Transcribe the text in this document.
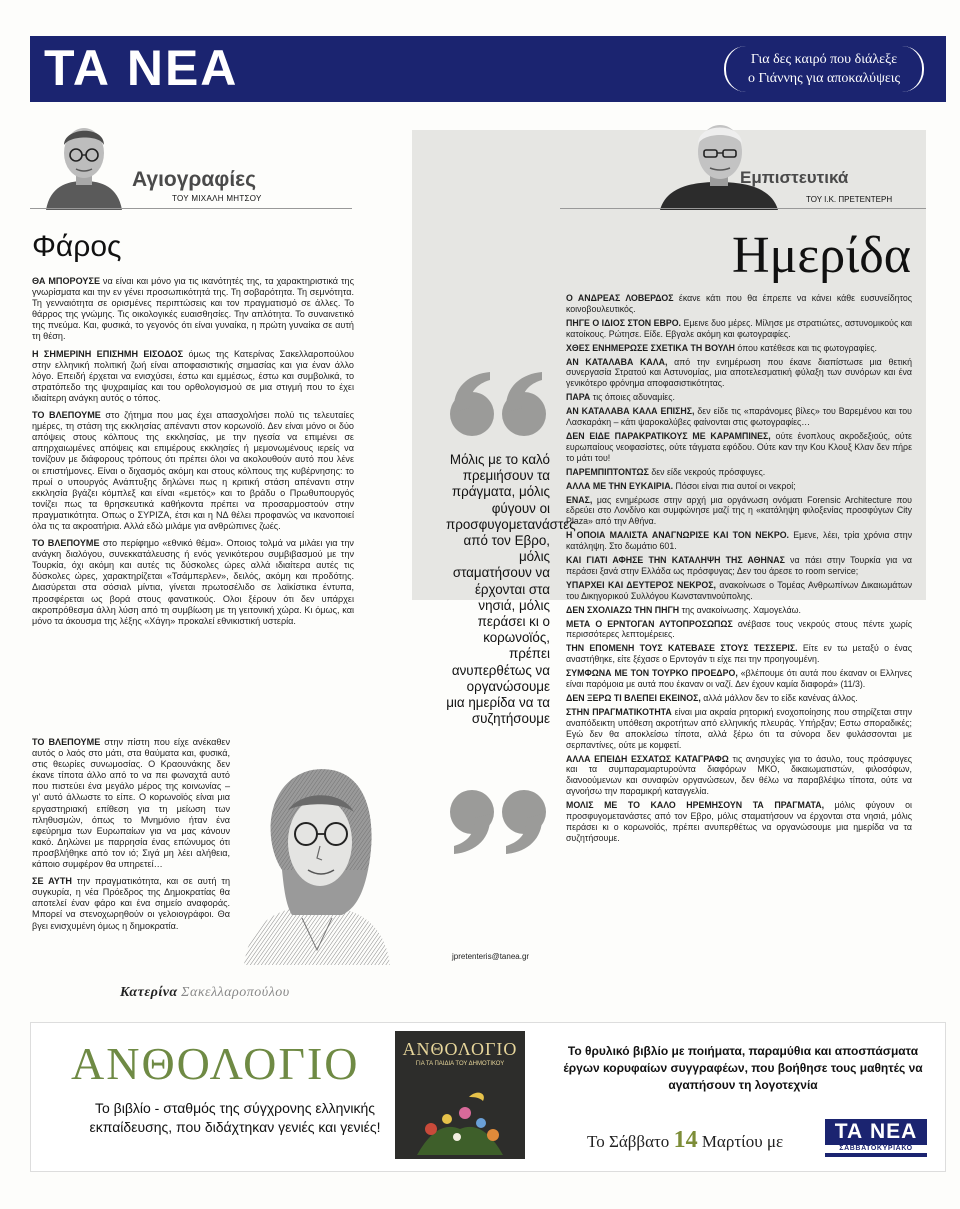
ΤΑ ΝΕΑ	Για δες καιρό που διάλεξε
ο Γιάννης για αποκαλύψεις
Αγιογραφίες
ΤΟΥ ΜΙΧΑΛΗ ΜΗΤΣΟΥ
Φάρος

ΘΑ ΜΠΟΡΟΥΣΕ να είναι και μόνο για τις ικανότητές της, τα χαρακτηριστικά της γνωρίσματα και την εν γένει προσωπικότητά της. Τη σοβαρότητα. Τη σεμνότητα. Τη γενναιότητα σε ορισμένες περιπτώσεις και τον πραγματισμό σε άλλες. Το θάρρος της γνώμης. Τις οικολογικές ευαισθησίες. Την απλότητα. Το συναινετικό της πνεύμα. Και, φυσικά, το γεγονός ότι είναι γυναίκα, η πρώτη γυναίκα σε αυτή τη θέση.

Η ΣΗΜΕΡΙΝΗ ΕΠΙΣΗΜΗ ΕΙΣΟΔΟΣ όμως της Κατερίνας Σακελλαροπούλου στην ελληνική πολιτική ζωή είναι αποφασιστικής σημασίας και για έναν άλλο λόγο. Επειδή έρχεται να ενισχύσει, έστω και εμμέσως, έστω και συμβολικά, το στρατόπεδο της ψυχραιμίας και του ορθολογισμού σε μια στιγμή που το έχει ιδιαίτερη ανάγκη αυτός ο τόπος.

ΤΟ ΒΛΕΠΟΥΜΕ στο ζήτημα που μας έχει απασχολήσει πολύ τις τελευταίες ημέρες, τη στάση της εκκλησίας απέναντι στον κορωνοϊό. Δεν είναι μόνο οι δύο απόψεις στους κόλπους της εκκλησίας, με την ηγεσία να επιμένει σε απηρχαιωμένες απόψεις και επιμέρους εκκλησίες ή μεμονωμένους ιερείς να τονίζουν με διάφορους τρόπους ότι πρέπει όλοι να ακολουθούν αυτό που λένε οι επιστήμονες. Είναι ο διχασμός ακόμη και στους κόλπους της κυβέρνησης: το πρωί ο υπουργός Ανάπτυξης δηλώνει πως η κριτική στάση απέναντι στην εκκλησία βγάζει κόμπλεξ και είναι «εμετός» και το βράδυ ο Πρωθυπουργός τονίζει πως τα θρησκευτικά καθήκοντα πρέπει να προσαρμοστούν στην πραγματικότητα. Οπως ο ΣΥΡΙΖΑ, έτσι και η ΝΔ θέλει προφανώς να ικανοποιεί όλα τις τα ακροατήρια. Αλλά εδώ μιλάμε για ανθρώπινες ζωές.

ΤΟ ΒΛΕΠΟΥΜΕ στο περίφημο «εθνικό θέμα». Οποιος τολμά να μιλάει για την ανάγκη διαλόγου, συνεκκατάλευσης ή ενός γενικότερου συμβιβασμού με την Τουρκία, όχι ακόμη και αυτές τις δύσκολες ώρες αλλά ιδιαίτερα αυτές τις δύσκολες ώρες, χαρακτηρίζεται «Τσάμπερλεν», δειλός, ακόμη και προδότης. Διασύρεται στα σόσιαλ μίντια, γίνεται πρωτοσέλιδο σε λαϊκίστικα έντυπα, προσφέρεται ως βορά στους φανατικούς. Ολοι ξέρουν ότι δεν υπάρχει ακροπρόθεσμα άλλη λύση από τη συμβίωση με τη γειτονική χώρα. Κι όμως, και μόνο τα άκουσμα της λέξης «Χάγη» προκαλεί εθνικιστική υστερία.

ΤΟ ΒΛΕΠΟΥΜΕ στην πίστη που είχε ανέκαθεν αυτός ο λαός στο μάτι, στα θαύματα και, φυσικά, στις θεωρίες συνωμοσίας. Ο Κραουνάκης δεν έκανε τίποτα άλλο από το να πει φωναχτά αυτό που πιστεύει ένα μεγάλο μέρος της κοινωνίας – γι' αυτό άλλωστε το είπε. Ο κορωνοϊός είναι μια εργαστηριακή επίθεση για τη μείωση των πληθυσμών, όπως το Μνημόνιο ήταν ένα εφεύρημα των Ευρωπαίων για να μας κάνουν κακό. Δηλώνει με παρρησία ένας επώνυμος ότι προσβλήθηκε από τον ιό; Σιγά μη λέει αλήθεια, κάποιο συμφέρον θα υπηρετεί…

ΣΕ ΑΥΤΗ την πραγματικότητα, και σε αυτή τη συγκυρία, η νέα Πρόεδρος της Δημοκρατίας θα αποτελεί έναν φάρο και ένα σημείο αναφοράς. Μπορεί να στενοχωρηθούν οι γελοιογράφοι. Θα βγει ενισχυμένη όμως η δημοκρατία.

Κατερίνα Σακελλαροπούλου
Εμπιστευτικά
ΤΟΥ Ι.Κ. ΠΡΕΤΕΝΤΕΡΗ
Ημερίδα
Μόλις με το καλό πρεμιήσουν τα πράγματα, μόλις φύγουν οι προσφυγομετανάστες από τον Εβρο, μόλις σταματήσουν να έρχονται στα νησιά, μόλις περάσει κι ο κορωνοϊός, πρέπει ανυπερθέτως να οργανώσουμε μια ημερίδα να τα συζητήσουμε
jpretenteris@tanea.gr

Ο ΑΝΔΡΕΑΣ ΛΟΒΕΡΔΟΣ έκανε κάτι που θα έπρεπε να κάνει κάθε ευσυνείδητος κοινοβουλευτικός.

ΠΗΓΕ Ο ΙΔΙΟΣ ΣΤΟΝ ΕΒΡΟ. Εμεινε δυο μέρες. Μίλησε με στρατιώτες, αστυνομικούς και κατοίκους. Ρώτησε. Είδε. Εβγαλε ακόμη και φωτογραφίες.

ΧΘΕΣ ΕΝΗΜΕΡΩΣΕ ΣΧΕΤΙΚΑ ΤΗ ΒΟΥΛΗ όπου κατέθεσε και τις φωτογραφίες.

ΑΝ ΚΑΤΑΛΑΒΑ ΚΑΛΑ, από την ενημέρωση που έκανε διαπίστωσε μια θετική συνεργασία Στρατού και Αστυνομίας, μια αποτελεσματική φύλαξη των συνόρων και ένα γενικότερο φρόνημα αποφασιστικότητας.

ΠΑΡΑ τις όποιες αδυναμίες.

ΑΝ ΚΑΤΑΛΑΒΑ ΚΑΛΑ ΕΠΙΣΗΣ, δεν είδε τις «παράνομες βίλες» του Βαρεμένου και του Λασκαράκη – κάτι ψαροκαλύβες φαίνονται στις φωτογραφίες…

ΔΕΝ ΕΙΔΕ ΠΑΡΑΚΡΑΤΙΚΟΥΣ ΜΕ ΚΑΡΑΜΠΙΝΕΣ, ούτε ένοπλους ακροδεξιούς, ούτε ευρωπαίους νεοφασίστες, ούτε τάγματα εφόδου. Ούτε καν την Κου Κλουξ Κλαν δεν πήρε το μάτι του!

ΠΑΡΕΜΠΙΠΤΟΝΤΩΣ δεν είδε νεκρούς πρόσφυγες.

ΑΛΛΑ ΜΕ ΤΗΝ ΕΥΚΑΙΡΙΑ. Πόσοι είναι πια αυτοί οι νεκροί;

ΕΝΑΣ, μας ενημέρωσε στην αρχή μια οργάνωση ονόματι Forensic Architecture που εδρεύει στο Λονδίνο και συμφώνησε μαζί της η «κατάληψη φιλοξενίας προσφύγων City Plaza» από την Αθήνα.

Η ΟΠΟΙΑ ΜΑΛΙΣΤΑ ΑΝΑΓΝΩΡΙΣΕ ΚΑΙ ΤΟΝ ΝΕΚΡΟ. Εμενε, λέει, τρία χρόνια στην κατάληψη. Στο δωμάτιο 601.

ΚΑΙ ΓΙΑΤΙ ΑΦΗΣΕ ΤΗΝ ΚΑΤΑΛΗΨΗ ΤΗΣ ΑΘΗΝΑΣ να πάει στην Τουρκία για να περάσει ξανά στην Ελλάδα ως πρόσφυγας; Δεν του άρεσε το room service;

ΥΠΑΡΧΕΙ ΚΑΙ ΔΕΥΤΕΡΟΣ ΝΕΚΡΟΣ, ανακοίνωσε ο Τομέας Ανθρωπίνων Δικαιωμάτων του Δικηγορικού Συλλόγου Κωνσταντινούπολης.

ΔΕΝ ΣΧΟΛΙΑΖΩ ΤΗΝ ΠΗΓΗ της ανακοίνωσης. Χαμογελάω.

ΜΕΤΑ Ο ΕΡΝΤΟΓΑΝ ΑΥΤΟΠΡΟΣΩΠΩΣ ανέβασε τους νεκρούς στους πέντε χωρίς περισσότερες λεπτομέρειες.

ΤΗΝ ΕΠΟΜΕΝΗ ΤΟΥΣ ΚΑΤΕΒΑΣΕ ΣΤΟΥΣ ΤΕΣΣΕΡΙΣ. Είτε εν τω μεταξύ ο ένας αναστήθηκε, είτε ξέχασε ο Ερντογάν τι είχε πει την προηγουμένη.

ΣΥΜΦΩΝΑ ΜΕ ΤΟΝ ΤΟΥΡΚΟ ΠΡΟΕΔΡΟ, «βλέπουμε ότι αυτά που έκαναν οι Ελληνες είναι παρόμοια με αυτά που έκαναν οι ναζί. Δεν έχουν καμία διαφορά» (11/3).

ΔΕΝ ΞΕΡΩ ΤΙ ΒΛΕΠΕΙ ΕΚΕΙΝΟΣ, αλλά μάλλον δεν το είδε κανένας άλλος.

ΣΤΗΝ ΠΡΑΓΜΑΤΙΚΟΤΗΤΑ είναι μια ακραία ρητορική ενοχοποίησης που στηρίζεται στην αναπόδεικτη υπόθεση ακροτήτων από ελληνικής πλευράς. Υπήρξαν; Εστω σποραδικές; Εγώ δεν θα αποκλείσω τίποτα, αλλά ξέρω ότι τα σύνορα δεν φυλάσσονται με σερπαντίνες, ούτε με κομφετί.

ΑΛΛΑ ΕΠΕΙΔΗ ΕΣΧΑΤΩΣ ΚΑΤΑΓΡΑΦΩ τις ανησυχίες για το άσυλο, τους πρόσφυγες και τα συμπαραμαρτυρούντα διαφόρων ΜΚΟ, δικαιωματιστών, φιλοσόφων, διανοούμενων και συναφών οργανώσεων, δεν θέλω να παραβλέψω τίποτα, ούτε να αγνοήσω την παραμικρή καταγγελία.

ΜΟΛΙΣ ΜΕ ΤΟ ΚΑΛΟ ΗΡΕΜΗΣΟΥΝ ΤΑ ΠΡΑΓΜΑΤΑ, μόλις φύγουν οι προσφυγομετανάστες από τον Εβρο, μόλις σταματήσουν να έρχονται στα νησιά, μόλις περάσει κι ο κορωνοϊός, πρέπει ανυπερθέτως να οργανώσουμε μια ημερίδα να τα συζητήσουμε.

ΑΝΘΟΛΟΓΙΟ
Το βιβλίο - σταθμός της σύγχρονης ελληνικής εκπαίδευσης, που διδάχτηκαν γενιές και γενιές!
ΑΝΘΟΛΟΓΙΟ
ΓΙΑ ΤΑ ΠΑΙΔΙΑ ΤΟΥ ΔΗΜΟΤΙΚΟΥ
Το θρυλικό βιβλίο με ποιήματα, παραμύθια και αποσπάσματα έργων κορυφαίων συγγραφέων, που βοήθησε τους μαθητές να αγαπήσουν τη λογοτεχνία
Το Σάββατο 14 Μαρτίου με	ΤΑ ΝΕΑ
ΣΑΒΒΑΤΟΚΥΡΙΑΚΟ
